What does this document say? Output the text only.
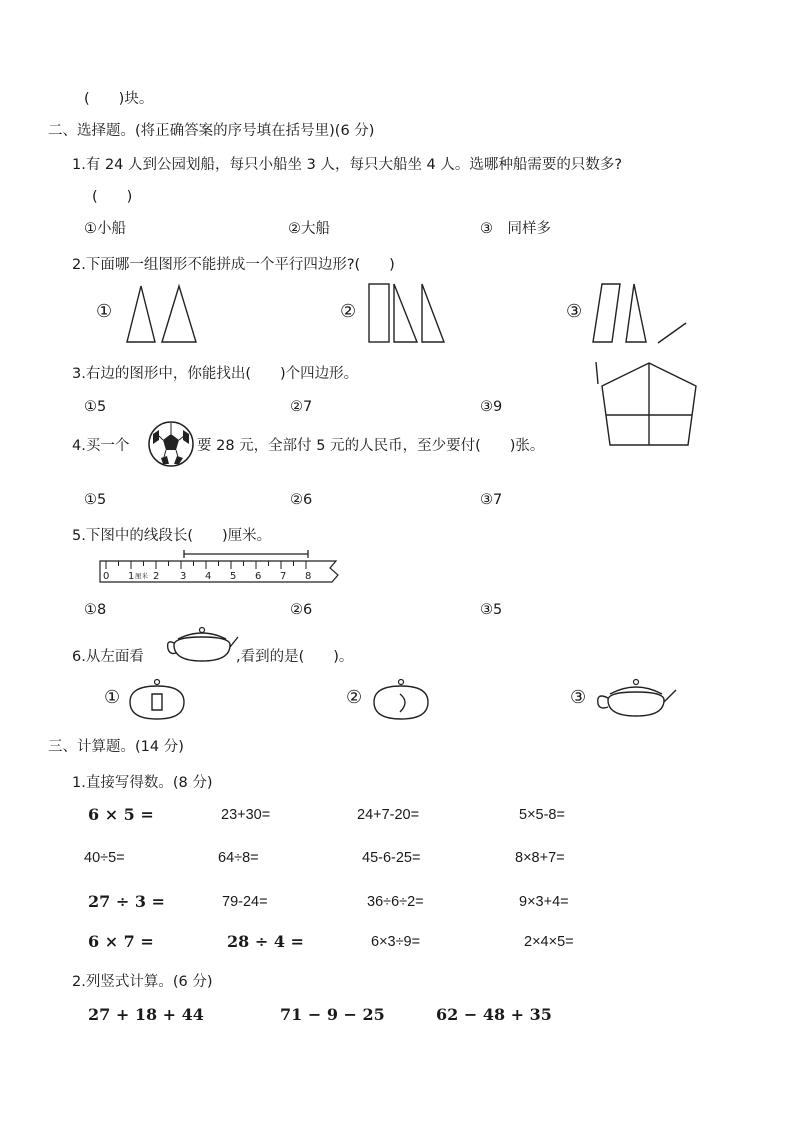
(　　)块。
二、选择题。(将正确答案的序号填在括号里)(6 分)
1.有 24 人到公园划船，每只小船坐 3 人，每只大船坐 4 人。选哪种船需要的只数多?
(　　)
①小船	②大船	③　同样多
2.下面哪一组图形不能拼成一个平行四边形?(　　)
①	②	③
3.右边的图形中，你能找出(　　)个四边形。
①5	②7	③9
4.买一个	要 28 元，全部付 5 元的人民币，至少要付(　　)张。
①5	②6	③7
5.下图中的线段长(　　)厘米。
0 1 厘米 2 3 4 5 6 7 8
①8	②6	③5
6.从左面看	,看到的是(　　)。
①	②	③
三、计算题。(14 分)
1.直接写得数。(8 分)
6 × 5 =	23+30=	24+7-20=	5×5-8=
40÷5=	64÷8=	45-6-25=	8×8+7=
27 ÷ 3 =	79-24=	36÷6÷2=	9×3+4=
6 × 7 =	28 ÷ 4 =	6×3÷9=	2×4×5=
2.列竖式计算。(6 分)
27 + 18 + 44	71 − 9 − 25	62 − 48 + 35
